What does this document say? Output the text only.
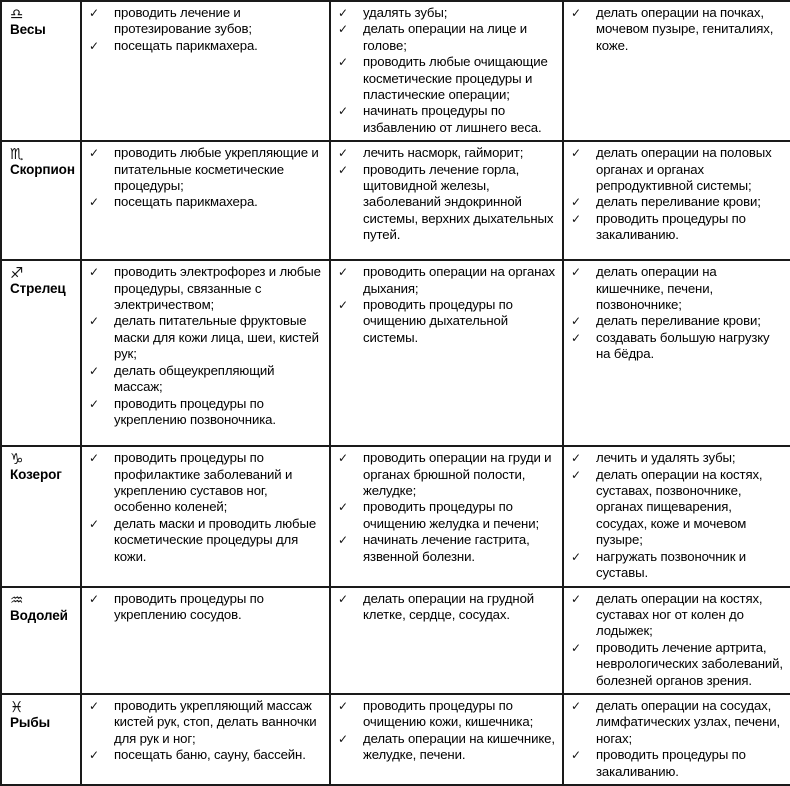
♎
Весы

✓проводить лечение и протезирование зубов;
✓посещать парикмахера.

✓удалять зубы;
✓делать операции на лице и голове;
✓проводить любые очищающие косметические процедуры и пластические операции;
✓начинать процедуры по избавлению от лишнего веса.

✓делать операции на почках, мочевом пузыре, гениталиях, коже.

♏
Скорпион

✓проводить любые укрепляющие и питательные косметические процедуры;
✓посещать парикмахера.

✓лечить насморк, гайморит;
✓проводить лечение горла, щитовидной железы, заболеваний эндокринной системы, верхних дыхательных путей.

✓делать операции на половых органах и органах репродуктивной системы;
✓делать переливание крови;
✓проводить процедуры по закаливанию.

♐
Стрелец

✓проводить электрофорез и любые процедуры, связанные с электричеством;
✓делать питательные фруктовые маски для кожи лица, шеи, кистей рук;
✓делать общеукрепляющий массаж;
✓проводить процедуры по укреплению позвоночника.

✓проводить операции на органах дыхания;
✓проводить процедуры по очищению дыхательной системы.

✓делать операции на кишечнике, печени, позвоночнике;
✓делать переливание крови;
✓создавать большую нагрузку на бёдра.

♑
Козерог

✓проводить процедуры по профилактике заболеваний и укреплению суставов ног, особенно коленей;
✓делать маски и проводить любые косметические процедуры для кожи.

✓проводить операции на груди и органах брюшной полости, желудке;
✓проводить процедуры по очищению желудка и печени;
✓начинать лечение гастрита, язвенной болезни.

✓лечить и удалять зубы;
✓делать операции на костях, суставах, позвоночнике, органах пищеварения, сосудах, коже и мочевом пузыре;
✓нагружать позвоночник и суставы.

♒
Водолей

✓проводить процедуры по укреплению сосудов.

✓делать операции на грудной клетке, сердце, сосудах.

✓делать операции на костях, суставах ног от колен до лодыжек;
✓проводить лечение артрита, неврологических заболеваний, болезней органов зрения.

♓
Рыбы

✓проводить укрепляющий массаж кистей рук, стоп, делать ванночки для рук и ног;
✓посещать баню, сауну, бассейн.

✓проводить процедуры по очищению кожи, кишечника;
✓делать операции на кишечнике, желудке, печени.

✓делать операции на сосудах, лимфатических узлах, печени, ногах;
✓проводить процедуры по закаливанию.
